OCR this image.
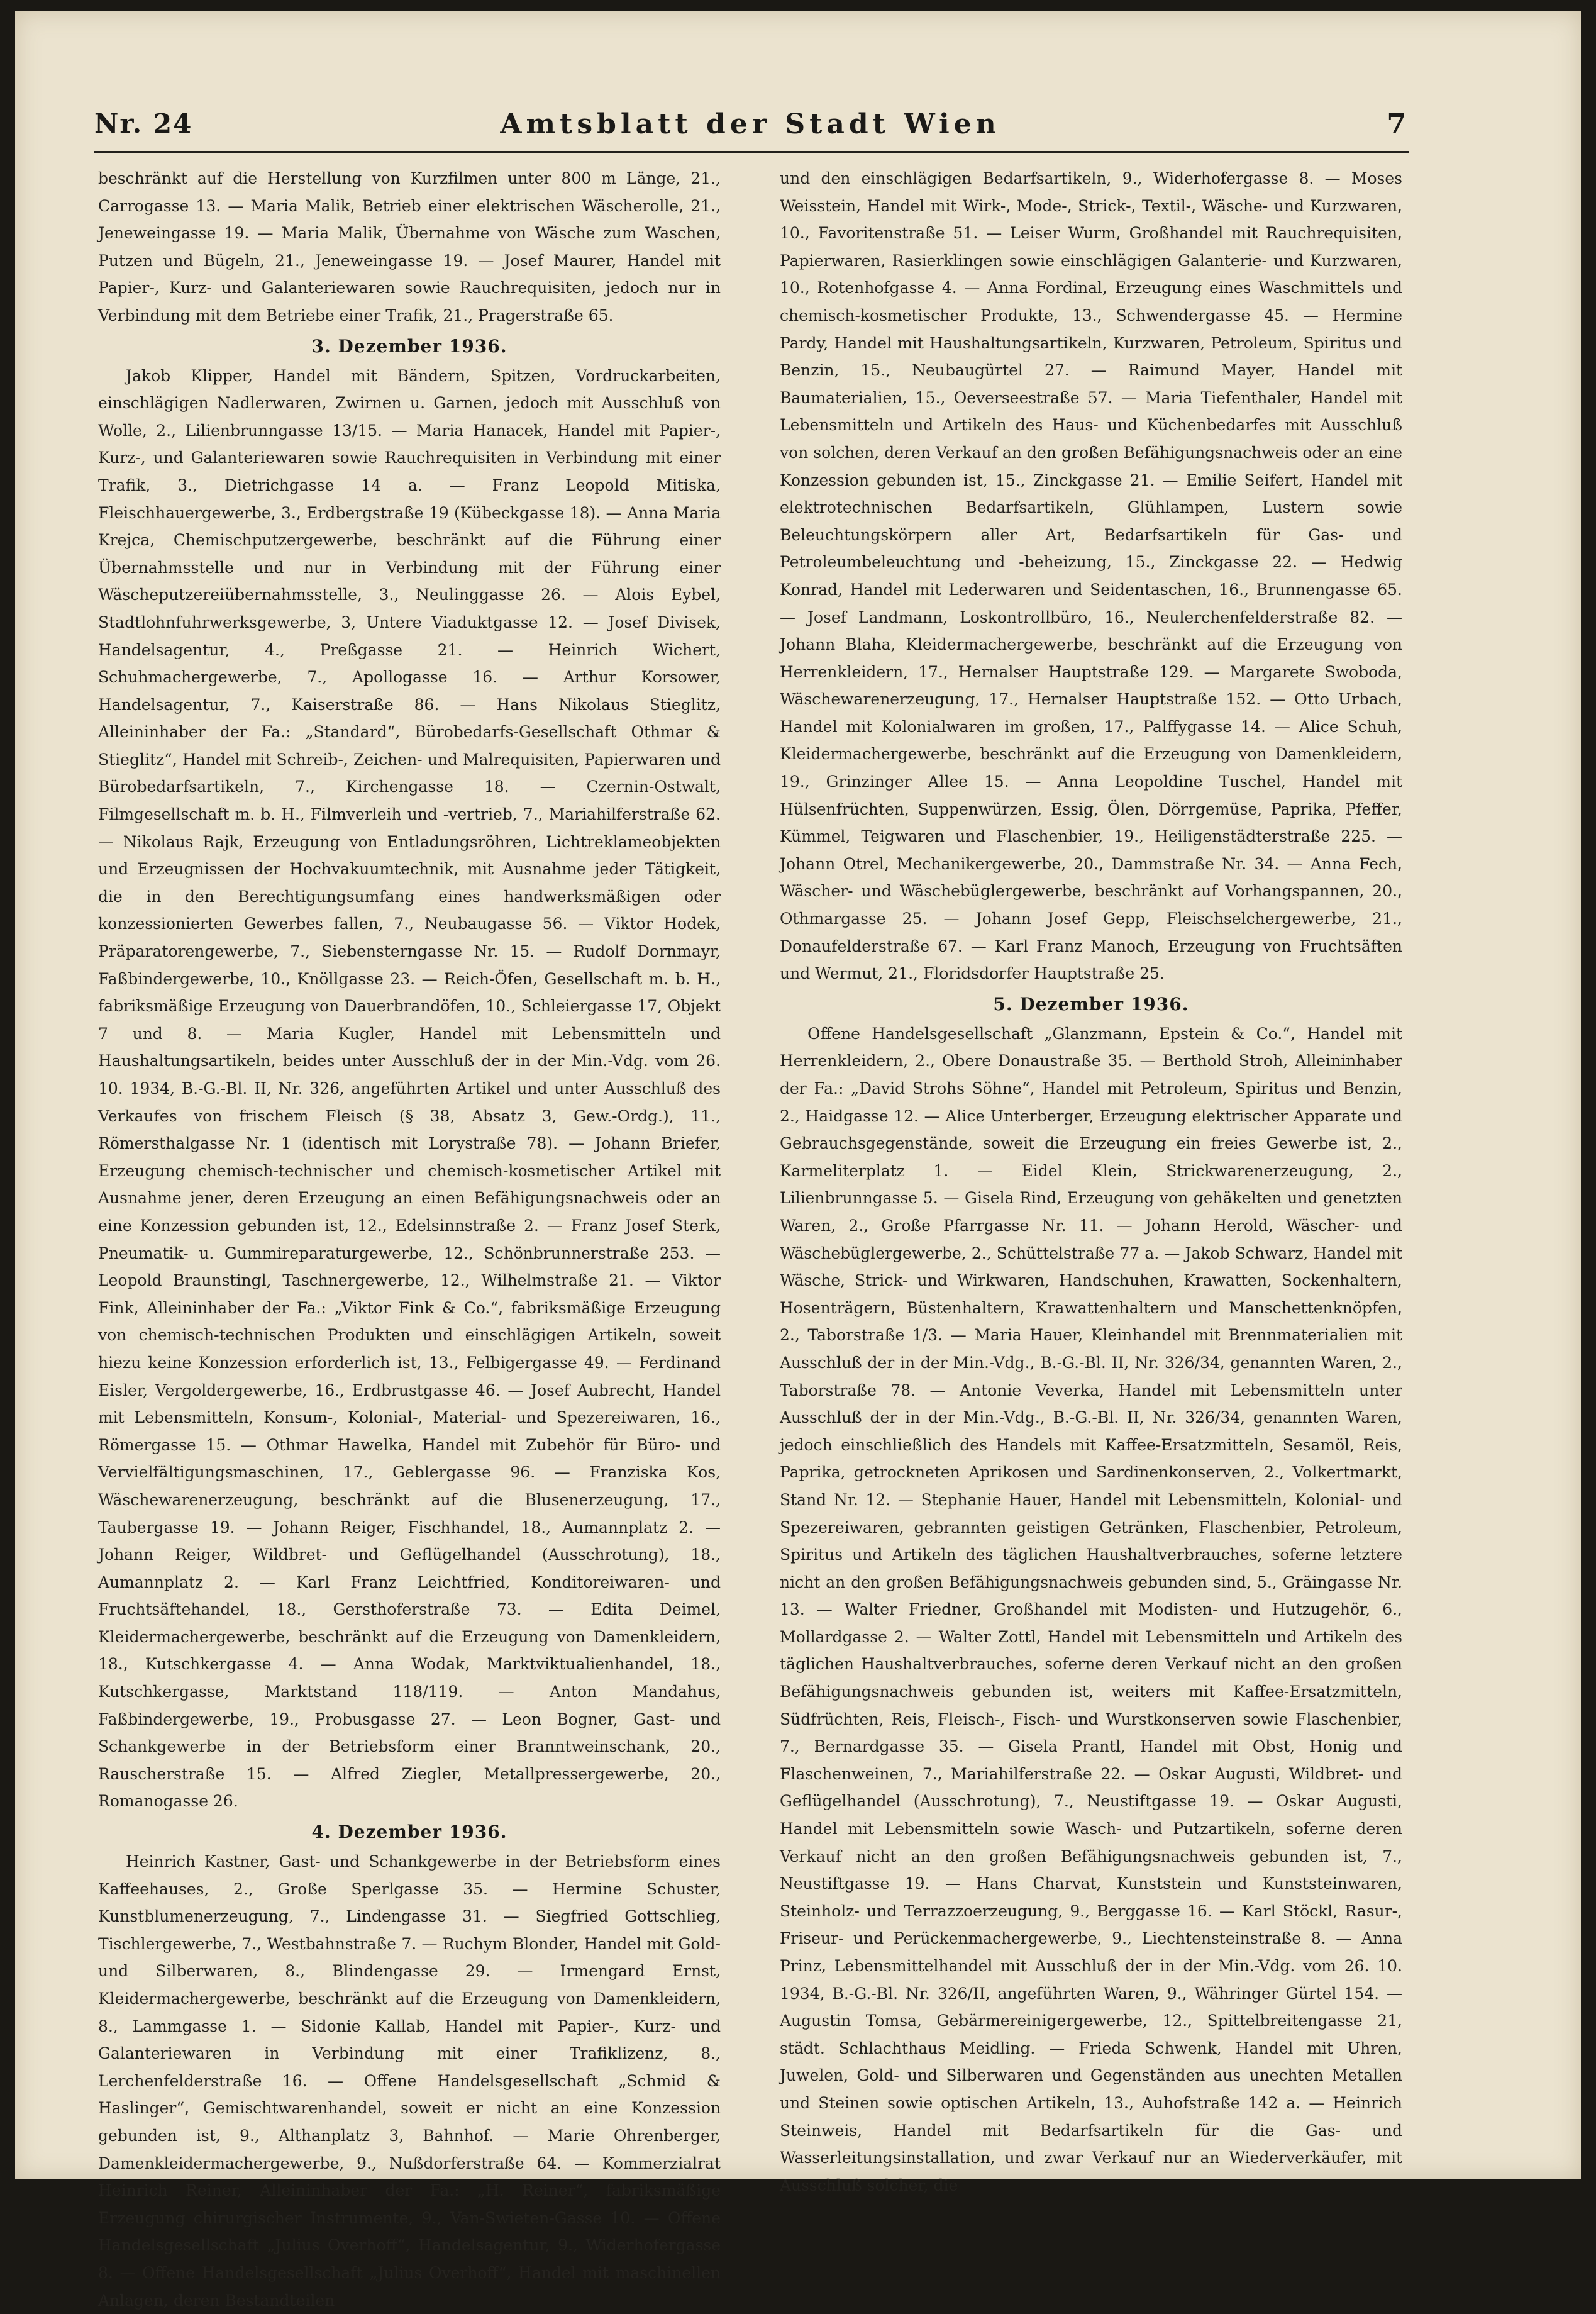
Nr. 24	Amtsblatt der Stadt Wien	7

beschränkt auf die Herstellung von Kurzfilmen unter 800 m Länge, 21., Carrogasse 13. — Maria Malik, Betrieb einer elektrischen Wäscherolle, 21., Jeneweingasse 19. — Maria Malik, Übernahme von Wäsche zum Waschen, Putzen und Bügeln, 21., Jeneweingasse 19. — Josef Maurer, Handel mit Papier-, Kurz- und Galanteriewaren sowie Rauchrequisiten, jedoch nur in Verbindung mit dem Betriebe einer Trafik, 21., Pragerstraße 65.

3. Dezember 1936.

Jakob Klipper, Handel mit Bändern, Spitzen, Vordruckarbeiten, einschlägigen Nadlerwaren, Zwirnen u. Garnen, jedoch mit Ausschluß von Wolle, 2., Lilienbrunngasse 13/15. — Maria Hanacek, Handel mit Papier-, Kurz-, und Galanteriewaren sowie Rauchrequisiten in Verbindung mit einer Trafik, 3., Dietrichgasse 14 a. — Franz Leopold Mitiska, Fleischhauergewerbe, 3., Erdbergstraße 19 (Kübeckgasse 18). — Anna Maria Krejca, Chemischputzergewerbe, beschränkt auf die Führung einer Übernahmsstelle und nur in Verbindung mit der Führung einer Wäscheputzereiübernahmsstelle, 3., Neulinggasse 26. — Alois Eybel, Stadtlohnfuhrwerksgewerbe, 3, Untere Viaduktgasse 12. — Josef Divisek, Handelsagentur, 4., Preßgasse 21. — Heinrich Wichert, Schuhmachergewerbe, 7., Apollogasse 16. — Arthur Korsower, Handelsagentur, 7., Kaiserstraße 86. — Hans Nikolaus Stieglitz, Alleininhaber der Fa.: „Standard“, Bürobedarfs-Gesellschaft Othmar & Stieglitz“, Handel mit Schreib-, Zeichen- und Malrequisiten, Papierwaren und Bürobedarfsartikeln, 7., Kirchengasse 18. — Czernin-Ostwalt, Filmgesellschaft m. b. H., Filmverleih und -vertrieb, 7., Mariahilferstraße 62. — Nikolaus Rajk, Erzeugung von Entladungsröhren, Lichtreklameobjekten und Erzeugnissen der Hochvakuumtechnik, mit Ausnahme jeder Tätigkeit, die in den Berechtigungsumfang eines handwerksmäßigen oder konzessionierten Gewerbes fallen, 7., Neubaugasse 56. — Viktor Hodek, Präparatorengewerbe, 7., Siebensterngasse Nr. 15. — Rudolf Dornmayr, Faßbindergewerbe, 10., Knöllgasse 23. — Reich-Öfen, Gesellschaft m. b. H., fabriksmäßige Erzeugung von Dauerbrandöfen, 10., Schleiergasse 17, Objekt 7 und 8. — Maria Kugler, Handel mit Lebensmitteln und Haushaltungsartikeln, beides unter Ausschluß der in der Min.-Vdg. vom 26. 10. 1934, B.-G.-Bl. II, Nr. 326, angeführten Artikel und unter Ausschluß des Verkaufes von frischem Fleisch (§ 38, Absatz 3, Gew.-Ordg.), 11., Römersthalgasse Nr. 1 (identisch mit Lorystraße 78). — Johann Briefer, Erzeugung chemisch-technischer und chemisch-kosmetischer Artikel mit Ausnahme jener, deren Erzeugung an einen Befähigungsnachweis oder an eine Konzession gebunden ist, 12., Edelsinnstraße 2. — Franz Josef Sterk, Pneumatik- u. Gummireparaturgewerbe, 12., Schönbrunnerstraße 253. — Leopold Braunstingl, Taschnergewerbe, 12., Wilhelmstraße 21. — Viktor Fink, Alleininhaber der Fa.: „Viktor Fink & Co.“, fabriksmäßige Erzeugung von chemisch-technischen Produkten und einschlägigen Artikeln, soweit hiezu keine Konzession erforderlich ist, 13., Felbigergasse 49. — Ferdinand Eisler, Vergoldergewerbe, 16., Erdbrustgasse 46. — Josef Aubrecht, Handel mit Lebensmitteln, Konsum-, Kolonial-, Material- und Spezereiwaren, 16., Römergasse 15. — Othmar Hawelka, Handel mit Zubehör für Büro- und Vervielfältigungsmaschinen, 17., Geblergasse 96. — Franziska Kos, Wäschewarenerzeugung, beschränkt auf die Blusenerzeugung, 17., Taubergasse 19. — Johann Reiger, Fischhandel, 18., Aumannplatz 2. — Johann Reiger, Wildbret- und Geflügelhandel (Ausschrotung), 18., Aumannplatz 2. — Karl Franz Leichtfried, Konditoreiwaren- und Fruchtsäftehandel, 18., Gersthoferstraße 73. — Edita Deimel, Kleidermachergewerbe, beschränkt auf die Erzeugung von Damenkleidern, 18., Kutschkergasse 4. — Anna Wodak, Marktviktualienhandel, 18., Kutschkergasse, Marktstand 118/119. — Anton Mandahus, Faßbindergewerbe, 19., Probusgasse 27. — Leon Bogner, Gast- und Schankgewerbe in der Betriebsform einer Branntweinschank, 20., Rauscherstraße 15. — Alfred Ziegler, Metallpressergewerbe, 20., Romanogasse 26.

4. Dezember 1936.

Heinrich Kastner, Gast- und Schankgewerbe in der Betriebsform eines Kaffeehauses, 2., Große Sperlgasse 35. — Hermine Schuster, Kunstblumenerzeugung, 7., Lindengasse 31. — Siegfried Gottschlieg, Tischlergewerbe, 7., Westbahnstraße 7. — Ruchym Blonder, Handel mit Gold- und Silberwaren, 8., Blindengasse 29. — Irmengard Ernst, Kleidermachergewerbe, beschränkt auf die Erzeugung von Damenkleidern, 8., Lammgasse 1. — Sidonie Kallab, Handel mit Papier-, Kurz- und Galanteriewaren in Verbindung mit einer Trafiklizenz, 8., Lerchenfelderstraße 16. — Offene Handelsgesellschaft „Schmid & Haslinger“, Gemischtwarenhandel, soweit er nicht an eine Konzession gebunden ist, 9., Althanplatz 3, Bahnhof. — Marie Ohrenberger, Damenkleidermachergewerbe, 9., Nußdorferstraße 64. — Kommerzialrat Heinrich Reiner, Alleininhaber der Fa.: „H. Reiner“, fabriksmäßige Erzeugung chirurgischer Instrumente, 9., Van-Swieten-Gasse 10. — Offene Handelsgesellschaft „Julius Overhoff“, Handelsagentur, 9., Widerhofergasse 8. — Offene Handelsgesellschaft „Julius Overhoff“, Handel mit maschinellen Anlagen, deren Bestandteilen

und den einschlägigen Bedarfsartikeln, 9., Widerhofergasse 8. — Moses Weisstein, Handel mit Wirk-, Mode-, Strick-, Textil-, Wäsche- und Kurzwaren, 10., Favoritenstraße 51. — Leiser Wurm, Großhandel mit Rauchrequisiten, Papierwaren, Rasierklingen sowie einschlägigen Galanterie- und Kurzwaren, 10., Rotenhofgasse 4. — Anna Fordinal, Erzeugung eines Waschmittels und chemisch-kosmetischer Produkte, 13., Schwendergasse 45. — Hermine Pardy, Handel mit Haushaltungsartikeln, Kurzwaren, Petroleum, Spiritus und Benzin, 15., Neubaugürtel 27. — Raimund Mayer, Handel mit Baumaterialien, 15., Oeverseestraße 57. — Maria Tiefenthaler, Handel mit Lebensmitteln und Artikeln des Haus- und Küchenbedarfes mit Ausschluß von solchen, deren Verkauf an den großen Befähigungsnachweis oder an eine Konzession gebunden ist, 15., Zinckgasse 21. — Emilie Seifert, Handel mit elektrotechnischen Bedarfsartikeln, Glühlampen, Lustern sowie Beleuchtungskörpern aller Art, Bedarfsartikeln für Gas- und Petroleumbeleuchtung und -beheizung, 15., Zinckgasse 22. — Hedwig Konrad, Handel mit Lederwaren und Seidentaschen, 16., Brunnengasse 65. — Josef Landmann, Loskontrollbüro, 16., Neulerchenfelderstraße 82. — Johann Blaha, Kleidermachergewerbe, beschränkt auf die Erzeugung von Herrenkleidern, 17., Hernalser Hauptstraße 129. — Margarete Swoboda, Wäschewarenerzeugung, 17., Hernalser Hauptstraße 152. — Otto Urbach, Handel mit Kolonialwaren im großen, 17., Palffygasse 14. — Alice Schuh, Kleidermachergewerbe, beschränkt auf die Erzeugung von Damenkleidern, 19., Grinzinger Allee 15. — Anna Leopoldine Tuschel, Handel mit Hülsenfrüchten, Suppenwürzen, Essig, Ölen, Dörrgemüse, Paprika, Pfeffer, Kümmel, Teigwaren und Flaschenbier, 19., Heiligenstädterstraße 225. — Johann Otrel, Mechanikergewerbe, 20., Dammstraße Nr. 34. — Anna Fech, Wäscher- und Wäschebüglergewerbe, beschränkt auf Vorhangspannen, 20., Othmargasse 25. — Johann Josef Gepp, Fleischselchergewerbe, 21., Donaufelderstraße 67. — Karl Franz Manoch, Erzeugung von Fruchtsäften und Wermut, 21., Floridsdorfer Hauptstraße 25.

5. Dezember 1936.

Offene Handelsgesellschaft „Glanzmann, Epstein & Co.“, Handel mit Herrenkleidern, 2., Obere Donaustraße 35. — Berthold Stroh, Alleininhaber der Fa.: „David Strohs Söhne“, Handel mit Petroleum, Spiritus und Benzin, 2., Haidgasse 12. — Alice Unterberger, Erzeugung elektrischer Apparate und Gebrauchsgegenstände, soweit die Erzeugung ein freies Gewerbe ist, 2., Karmeliterplatz 1. — Eidel Klein, Strickwarenerzeugung, 2., Lilienbrunngasse 5. — Gisela Rind, Erzeugung von gehäkelten und genetzten Waren, 2., Große Pfarrgasse Nr. 11. — Johann Herold, Wäscher- und Wäschebüglergewerbe, 2., Schüttelstraße 77 a. — Jakob Schwarz, Handel mit Wäsche, Strick- und Wirkwaren, Handschuhen, Krawatten, Sockenhaltern, Hosenträgern, Büstenhaltern, Krawattenhaltern und Manschettenknöpfen, 2., Taborstraße 1/3. — Maria Hauer, Kleinhandel mit Brennmaterialien mit Ausschluß der in der Min.-Vdg., B.-G.-Bl. II, Nr. 326/34, genannten Waren, 2., Taborstraße 78. — Antonie Veverka, Handel mit Lebensmitteln unter Ausschluß der in der Min.-Vdg., B.-G.-Bl. II, Nr. 326/34, genannten Waren, jedoch einschließlich des Handels mit Kaffee-Ersatzmitteln, Sesamöl, Reis, Paprika, getrockneten Aprikosen und Sardinenkonserven, 2., Volkertmarkt, Stand Nr. 12. — Stephanie Hauer, Handel mit Lebensmitteln, Kolonial- und Spezereiwaren, gebrannten geistigen Getränken, Flaschenbier, Petroleum, Spiritus und Artikeln des täglichen Haushaltverbrauches, soferne letztere nicht an den großen Befähigungsnachweis gebunden sind, 5., Gräingasse Nr. 13. — Walter Friedner, Großhandel mit Modisten- und Hutzugehör, 6., Mollardgasse 2. — Walter Zottl, Handel mit Lebensmitteln und Artikeln des täglichen Haushaltverbrauches, soferne deren Verkauf nicht an den großen Befähigungsnachweis gebunden ist, weiters mit Kaffee-Ersatzmitteln, Südfrüchten, Reis, Fleisch-, Fisch- und Wurstkonserven sowie Flaschenbier, 7., Bernardgasse 35. — Gisela Prantl, Handel mit Obst, Honig und Flaschenweinen, 7., Mariahilferstraße 22. — Oskar Augusti, Wildbret- und Geflügelhandel (Ausschrotung), 7., Neustiftgasse 19. — Oskar Augusti, Handel mit Lebensmitteln sowie Wasch- und Putzartikeln, soferne deren Verkauf nicht an den großen Befähigungsnachweis gebunden ist, 7., Neustiftgasse 19. — Hans Charvat, Kunststein und Kunststeinwaren, Steinholz- und Terrazzoerzeugung, 9., Berggasse 16. — Karl Stöckl, Rasur-, Friseur- und Perückenmachergewerbe, 9., Liechtensteinstraße 8. — Anna Prinz, Lebensmittelhandel mit Ausschluß der in der Min.-Vdg. vom 26. 10. 1934, B.-G.-Bl. Nr. 326/II, angeführten Waren, 9., Währinger Gürtel 154. — Augustin Tomsa, Gebärmereinigergewerbe, 12., Spittelbreitengasse 21, städt. Schlachthaus Meidling. — Frieda Schwenk, Handel mit Uhren, Juwelen, Gold- und Silberwaren und Gegenständen aus unechten Metallen und Steinen sowie optischen Artikeln, 13., Auhofstraße 142 a. — Heinrich Steinweis, Handel mit Bedarfsartikeln für die Gas- und Wasserleitungsinstallation, und zwar Verkauf nur an Wiederverkäufer, mit Ausschluß solcher, die
